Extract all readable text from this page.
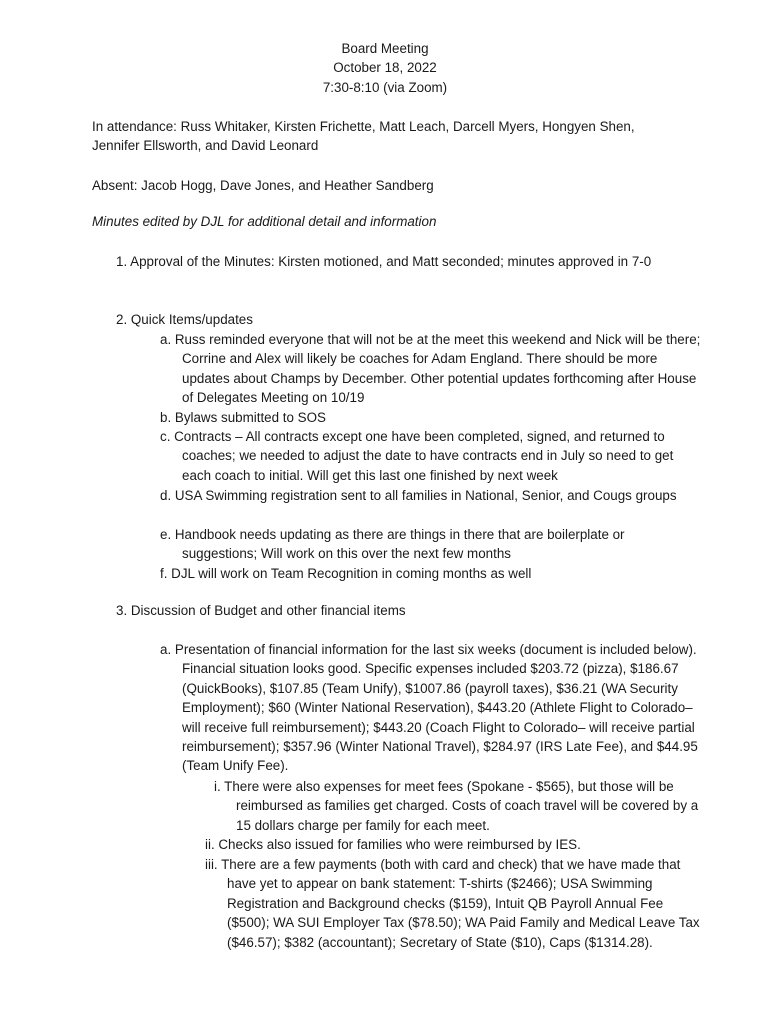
Board Meeting
October 18, 2022
7:30-8:10 (via Zoom)
In attendance: Russ Whitaker, Kirsten Frichette, Matt Leach, Darcell Myers, Hongyen Shen, Jennifer Ellsworth, and David Leonard
Absent: Jacob Hogg, Dave Jones, and Heather Sandberg
Minutes edited by DJL for additional detail and information
1. Approval of the Minutes: Kirsten motioned, and Matt seconded; minutes approved in 7-0
2. Quick Items/updates
a. Russ reminded everyone that will not be at the meet this weekend and Nick will be there; Corrine and Alex will likely be coaches for Adam England. There should be more updates about Champs by December. Other potential updates forthcoming after House of Delegates Meeting on 10/19
b. Bylaws submitted to SOS
c. Contracts – All contracts except one have been completed, signed, and returned to coaches; we needed to adjust the date to have contracts end in July so need to get each coach to initial. Will get this last one finished by next week
d. USA Swimming registration sent to all families in National, Senior, and Cougs groups
e. Handbook needs updating as there are things in there that are boilerplate or suggestions; Will work on this over the next few months
f. DJL will work on Team Recognition in coming months as well
3. Discussion of Budget and other financial items
a. Presentation of financial information for the last six weeks (document is included below). Financial situation looks good. Specific expenses included $203.72 (pizza), $186.67 (QuickBooks), $107.85 (Team Unify), $1007.86 (payroll taxes), $36.21 (WA Security Employment); $60 (Winter National Reservation), $443.20 (Athlete Flight to Colorado– will receive full reimbursement); $443.20 (Coach Flight to Colorado– will receive partial reimbursement); $357.96 (Winter National Travel), $284.97 (IRS Late Fee), and $44.95 (Team Unify Fee).
i. There were also expenses for meet fees (Spokane - $565), but those will be reimbursed as families get charged. Costs of coach travel will be covered by a 15 dollars charge per family for each meet.
ii. Checks also issued for families who were reimbursed by IES.
iii. There are a few payments (both with card and check) that we have made that have yet to appear on bank statement: T-shirts ($2466); USA Swimming Registration and Background checks ($159), Intuit QB Payroll Annual Fee ($500); WA SUI Employer Tax ($78.50); WA Paid Family and Medical Leave Tax ($46.57); $382 (accountant); Secretary of State ($10), Caps ($1314.28).
